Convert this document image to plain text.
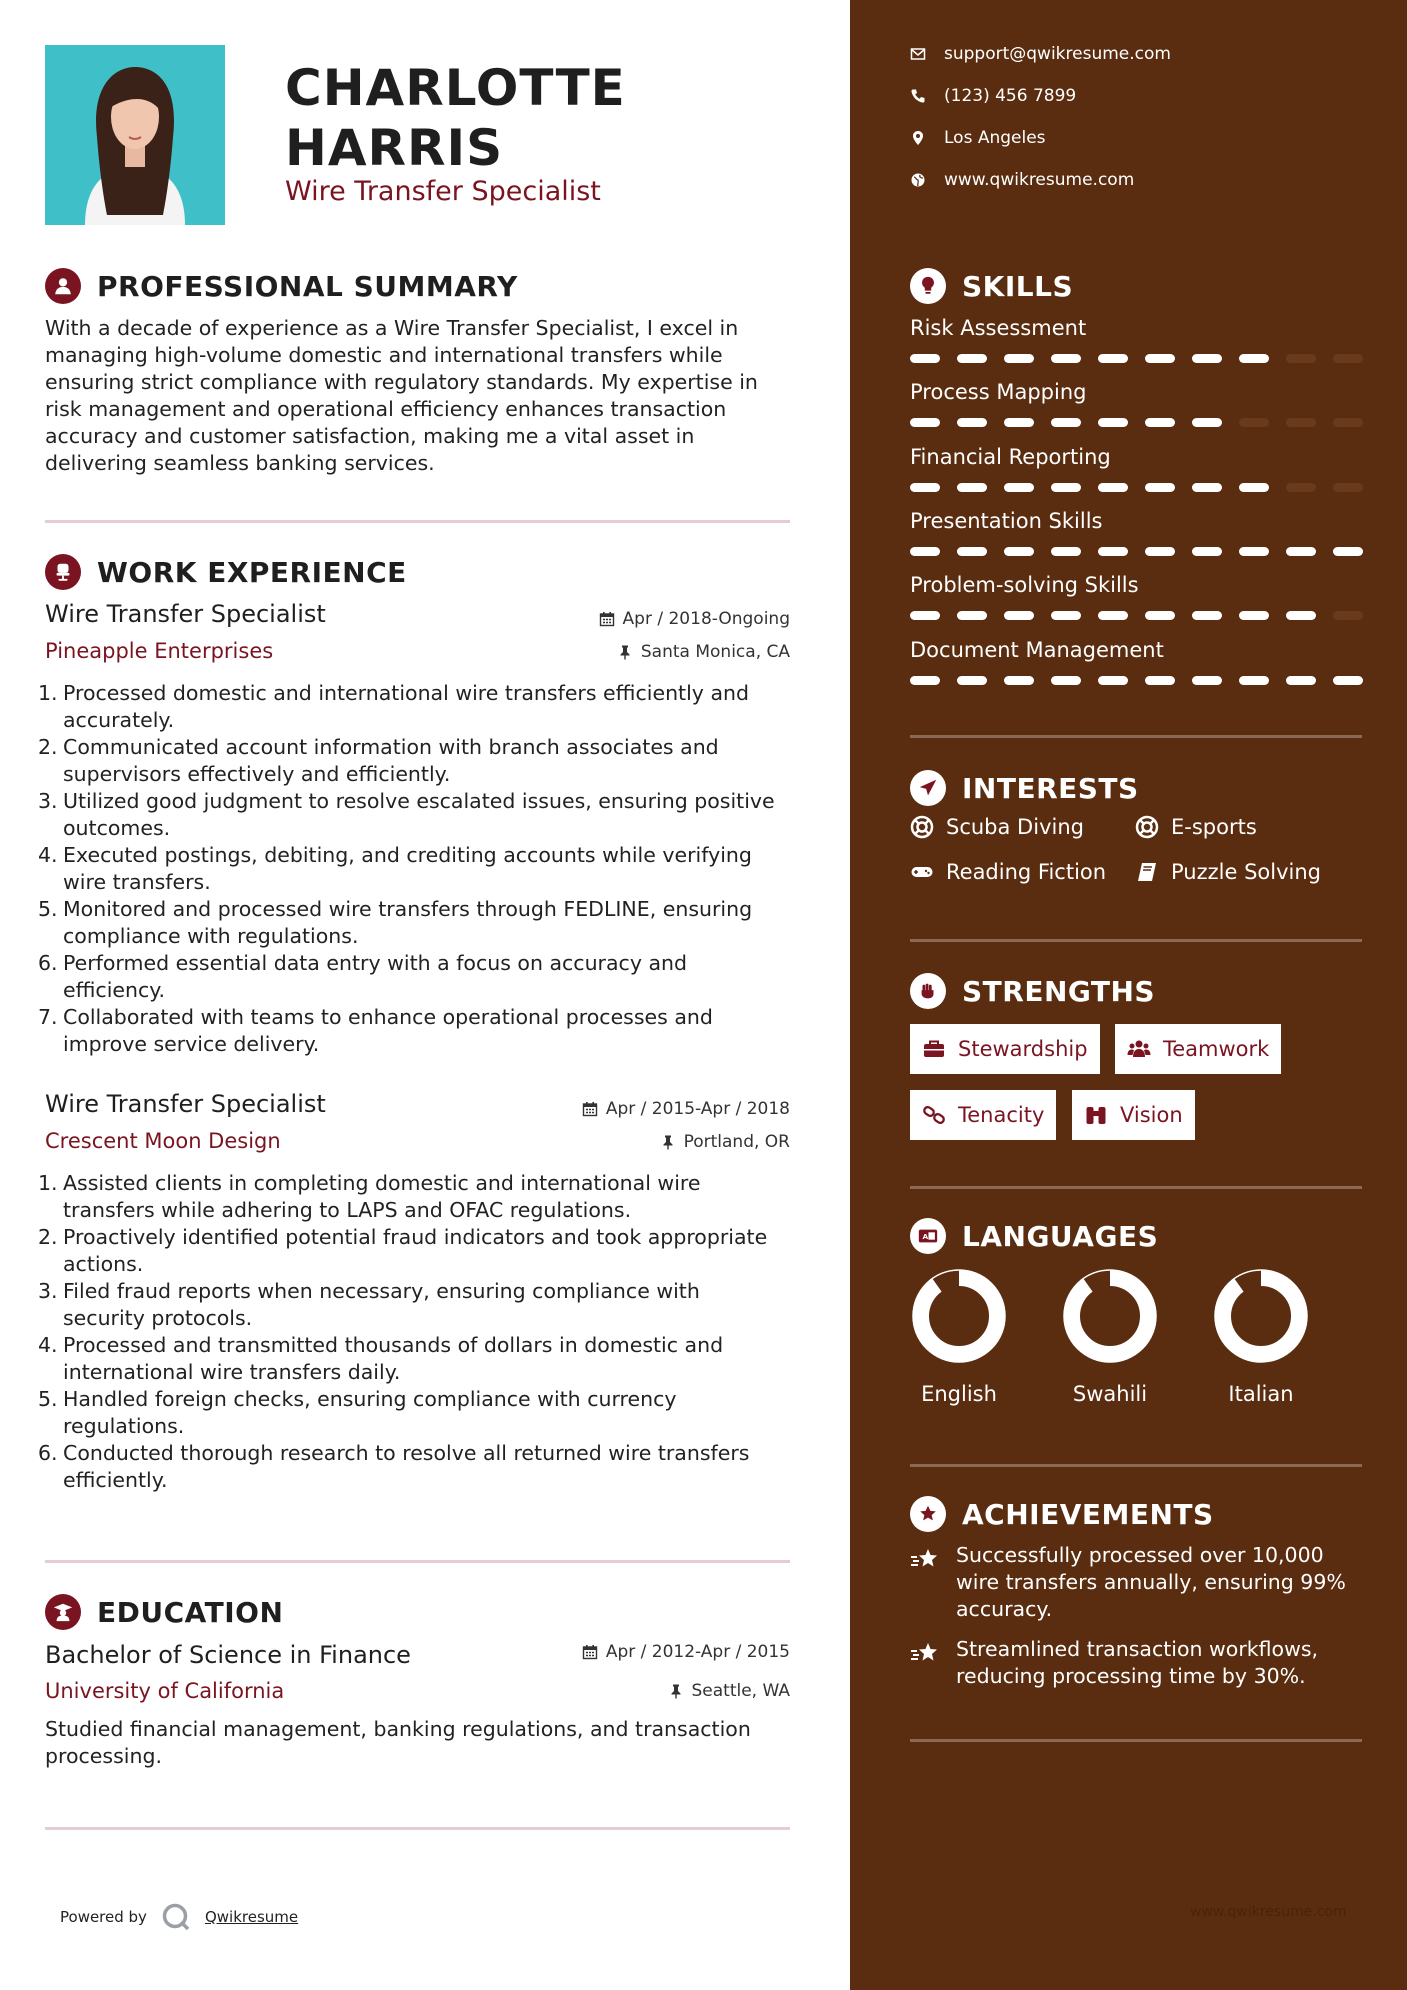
CHARLOTTE
HARRIS
Wire Transfer Specialist
PROFESSIONAL SUMMARY
With a decade of experience as a Wire Transfer Specialist, I excel in managing high-volume domestic and international transfers while ensuring strict compliance with regulatory standards. My expertise in risk management and operational efficiency enhances transaction accuracy and customer satisfaction, making me a vital asset in delivering seamless banking services.
WORK EXPERIENCE
Wire Transfer Specialist	Apr / 2018-Ongoing
Pineapple Enterprises	Santa Monica, CA
1. Processed domestic and international wire transfers efficiently and
accurately.
2. Communicated account information with branch associates and
supervisors effectively and efficiently.
3. Utilized good judgment to resolve escalated issues, ensuring positive
outcomes.
4. Executed postings, debiting, and crediting accounts while verifying
wire transfers.
5. Monitored and processed wire transfers through FEDLINE, ensuring
compliance with regulations.
6. Performed essential data entry with a focus on accuracy and
efficiency.
7. Collaborated with teams to enhance operational processes and
improve service delivery.
Wire Transfer Specialist	Apr / 2015-Apr / 2018
Crescent Moon Design	Portland, OR
1. Assisted clients in completing domestic and international wire
transfers while adhering to LAPS and OFAC regulations.
2. Proactively identified potential fraud indicators and took appropriate
actions.
3. Filed fraud reports when necessary, ensuring compliance with
security protocols.
4. Processed and transmitted thousands of dollars in domestic and
international wire transfers daily.
5. Handled foreign checks, ensuring compliance with currency
regulations.
6. Conducted thorough research to resolve all returned wire transfers
efficiently.
EDUCATION
Bachelor of Science in Finance	Apr / 2012-Apr / 2015
University of California	Seattle, WA
Studied financial management, banking regulations, and transaction
processing.
Powered by	Qwikresume
support@qwikresume.com
(123) 456 7899
Los Angeles
www.qwikresume.com
SKILLS
Risk Assessment
Process Mapping
Financial Reporting
Presentation Skills
Problem-solving Skills
Document Management
INTERESTS
Scuba Diving	E-sports
Reading Fiction	Puzzle Solving
STRENGTHS
Stewardship	Teamwork
Tenacity	Vision
A LANGUAGES
English	Swahili	Italian
ACHIEVEMENTS
Successfully processed over 10,000
wire transfers annually, ensuring 99%
accuracy.
Streamlined transaction workflows,
reducing processing time by 30%.
www.qwikresume.com
